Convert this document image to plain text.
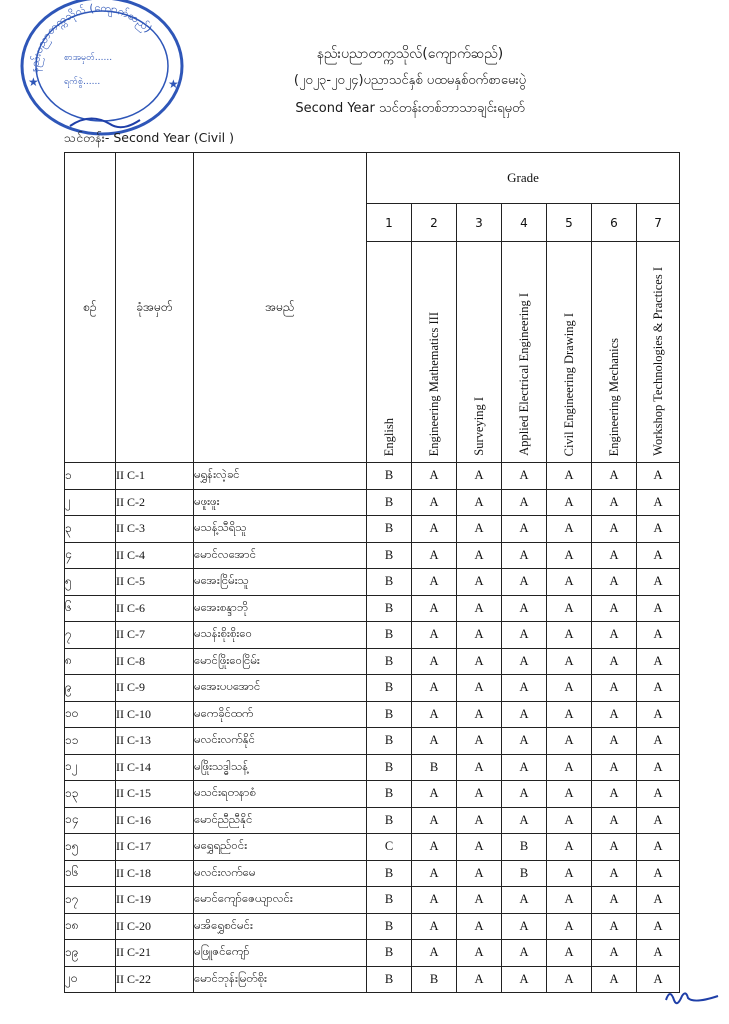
နည်းပညာတက္ကသိုလ် (ကျောက်ဆည်)
စာအမှတ်......
ရက်စွဲ......
★	★
နည်းပညာတက္ကသိုလ်(ကျောက်ဆည်)
(၂၀၂၃-၂၀၂၄)ပညာသင်နှစ် ပထမနှစ်ဝက်စာမေးပွဲ
Second Year သင်တန်းတစ်ဘာသာချင်းရမှတ်
သင်တန်း- Second Year (Civil )
စဉ်	ခုံအမှတ်	အမည်	Grade						
			1	2	3	4	5	6	7

			English	Engineering Mathematics III	Surveying I	Applied Electrical Engineering I	Civil Engineering Drawing I	Engineering Mechanics	Workshop Technologies & Practices I

၁	II C-1	မရွှန်းလဲ့ခင်	B	A	A	A	A	A	A
၂	II C-2	မဖူးဖူး	B	A	A	A	A	A	A
၃	II C-3	မသန့်သီရိသူ	B	A	A	A	A	A	A
၄	II C-4	မောင်လအောင်	B	A	A	A	A	A	A
၅	II C-5	မအေးငြိမ်းသူ	B	A	A	A	A	A	A
၆	II C-6	မအေးစန္ဒာဘို	B	A	A	A	A	A	A
၇	II C-7	မသန်းစိုးစိုးဝေ	B	A	A	A	A	A	A
၈	II C-8	မောင်ဖြိုးဝေငြိမ်း	B	A	A	A	A	A	A
၉	II C-9	မအေးပပအောင်	B	A	A	A	A	A	A
၁၀	II C-10	မကေခိုင်ထက်	B	A	A	A	A	A	A
၁၁	II C-13	မလင်းလက်နိုင်	B	A	A	A	A	A	A
၁၂	II C-14	မဖြိုးသဒ္ဓါသန့်	B	B	A	A	A	A	A
၁၃	II C-15	မသင်းရတနာစံ	B	A	A	A	A	A	A
၁၄	II C-16	မောင်ညီညီနိုင်	B	A	A	A	A	A	A
၁၅	II C-17	မရွှေရည်ဝင်း	C	A	A	B	A	A	A
၁၆	II C-18	မလင်းလက်မေ	B	A	A	B	A	A	A
၁၇	II C-19	မောင်ကျော်ဇေယျာလင်း	B	A	A	A	A	A	A
၁၈	II C-20	မအိရွှေစင်မင်း	B	A	A	A	A	A	A
၁၉	II C-21	မဖြူဇင်ကျော်	B	A	A	A	A	A	A
၂၀	II C-22	မောင်ဘုန်းမြတ်စိုး	B	B	A	A	A	A	A
